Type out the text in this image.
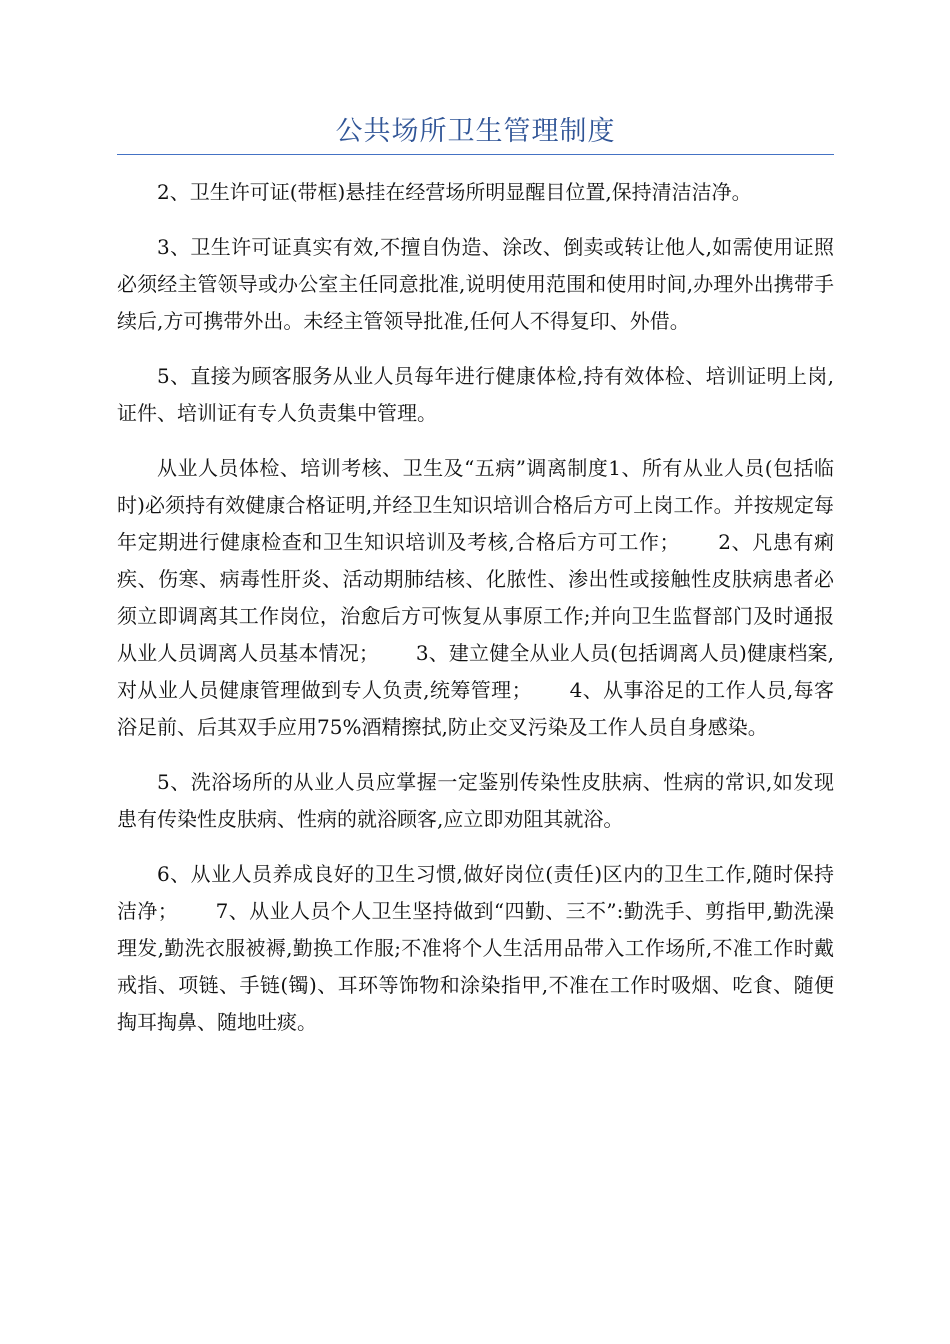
公共场所卫生管理制度

2、卫生许可证(带框)悬挂在经营场所明显醒目位置,保持清洁洁净。

3、卫生许可证真实有效,不擅自伪造、涂改、倒卖或转让他人,如需使用证照必须经主管领导或办公室主任同意批准,说明使用范围和使用时间,办理外出携带手续后,方可携带外出。未经主管领导批准,任何人不得复印、外借。

5、直接为顾客服务从业人员每年进行健康体检,持有效体检、培训证明上岗,证件、培训证有专人负责集中管理。

从业人员体检、培训考核、卫生及“五病”调离制度1、所有从业人员(包括临时)必须持有效健康合格证明,并经卫生知识培训合格后方可上岗工作。并按规定每年定期进行健康检查和卫生知识培训及考核,合格后方可工作；　　 2、凡患有痢疾、伤寒、病毒性肝炎、活动期肺结核、化脓性、渗出性或接触性皮肤病患者必须立即调离其工作岗位，治愈后方可恢复从事原工作;并向卫生监督部门及时通报从业人员调离人员基本情况；　　 3、建立健全从业人员(包括调离人员)健康档案,对从业人员健康管理做到专人负责,统筹管理；　　 4、从事浴足的工作人员,每客浴足前、后其双手应用75%酒精擦拭,防止交叉污染及工作人员自身感染。

5、洗浴场所的从业人员应掌握一定鉴别传染性皮肤病、性病的常识,如发现患有传染性皮肤病、性病的就浴顾客,应立即劝阻其就浴。

6、从业人员养成良好的卫生习惯,做好岗位(责任)区内的卫生工作,随时保持洁净；　　 7、从业人员个人卫生坚持做到“四勤、三不”:勤洗手、剪指甲,勤洗澡理发,勤洗衣服被褥,勤换工作服;不准将个人生活用品带入工作场所,不准工作时戴戒指、项链、手链(镯)、耳环等饰物和涂染指甲,不准在工作时吸烟、吃食、随便掏耳掏鼻、随地吐痰。
